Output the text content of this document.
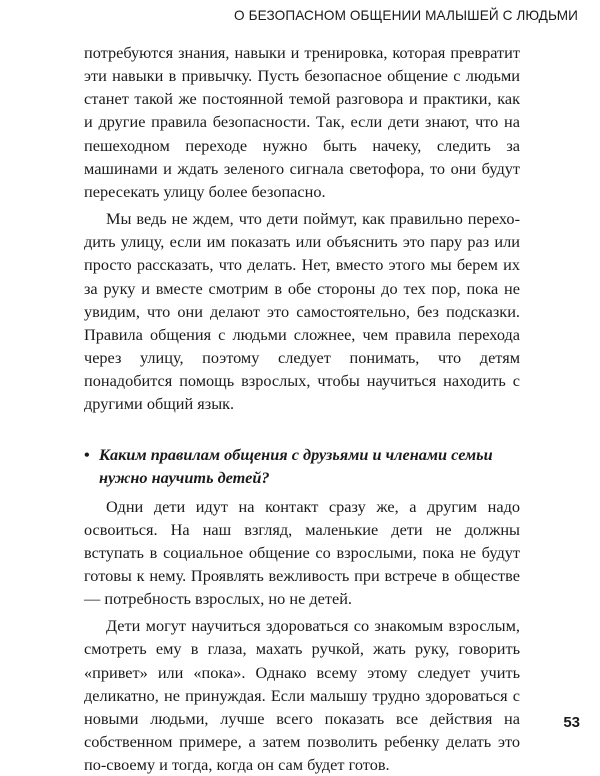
О БЕЗОПАСНОМ ОБЩЕНИИ МАЛЫШЕЙ С ЛЮДЬМИ

потребуются знания, навыки и тренировка, которая превратит эти навыки в привычку. Пусть безопасное общение с людьми станет такой же постоянной темой разговора и практики, как и другие правила безопасности. Так, если дети знают, что на пешеходном переходе нужно быть начеку, следить за машинами и ждать зеленого сигнала светофора, то они будут пересекать улицу более безопасно.

Мы ведь не ждем, что дети поймут, как правильно переходить улицу, если им показать или объяснить это пару раз или просто рассказать, что делать. Нет, вместо этого мы берем их за руку и вместе смотрим в обе стороны до тех пор, пока не увидим, что они делают это самостоятельно, без подсказки. Правила общения с людьми сложнее, чем правила перехода через улицу, поэтому следует понимать, что детям понадобится помощь взрослых, чтобы научиться находить с другими общий язык.

• Каким правилам общения с друзьями и членами семьи нужно научить детей?

Одни дети идут на контакт сразу же, а другим надо освоиться. На наш взгляд, маленькие дети не должны вступать в социальное общение со взрослыми, пока не будут готовы к нему. Проявлять вежливость при встрече в обществе — потребность взрослых, но не детей.

Дети могут научиться здороваться со знакомым взрослым, смотреть ему в глаза, махать ручкой, жать руку, говорить «привет» или «пока». Однако всему этому следует учить деликатно, не принуждая. Если малышу трудно здороваться с новыми людьми, лучше всего показать все действия на собственном примере, а затем позволить ребенку делать это по-своему и тогда, когда он сам будет готов.

53
